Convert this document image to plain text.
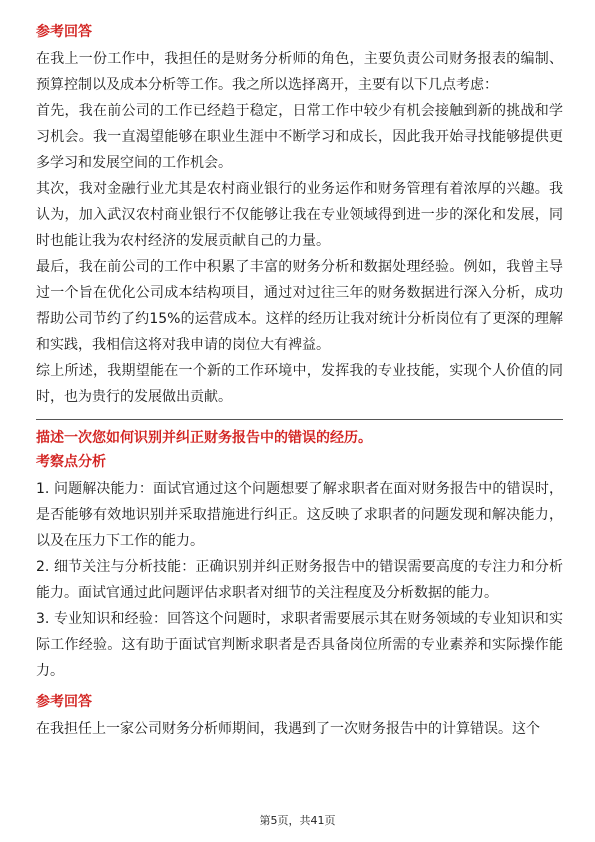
参考回答

在我上一份工作中，我担任的是财务分析师的角色，主要负责公司财务报表的编制、预算控制以及成本分析等工作。我之所以选择离开，主要有以下几点考虑：

首先，我在前公司的工作已经趋于稳定，日常工作中较少有机会接触到新的挑战和学习机会。我一直渴望能够在职业生涯中不断学习和成长，因此我开始寻找能够提供更多学习和发展空间的工作机会。

其次，我对金融行业尤其是农村商业银行的业务运作和财务管理有着浓厚的兴趣。我认为，加入武汉农村商业银行不仅能够让我在专业领域得到进一步的深化和发展，同时也能让我为农村经济的发展贡献自己的力量。

最后，我在前公司的工作中积累了丰富的财务分析和数据处理经验。例如，我曾主导过一个旨在优化公司成本结构项目，通过对过往三年的财务数据进行深入分析，成功帮助公司节约了约15%的运营成本。这样的经历让我对统计分析岗位有了更深的理解和实践，我相信这将对我申请的岗位大有裨益。

综上所述，我期望能在一个新的工作环境中，发挥我的专业技能，实现个人价值的同时，也为贵行的发展做出贡献。

描述一次您如何识别并纠正财务报告中的错误的经历。

考察点分析

1. 问题解决能力：面试官通过这个问题想要了解求职者在面对财务报告中的错误时，是否能够有效地识别并采取措施进行纠正。这反映了求职者的问题发现和解决能力，以及在压力下工作的能力。

2. 细节关注与分析技能：正确识别并纠正财务报告中的错误需要高度的专注力和分析能力。面试官通过此问题评估求职者对细节的关注程度及分析数据的能力。

3. 专业知识和经验：回答这个问题时，求职者需要展示其在财务领域的专业知识和实际工作经验。这有助于面试官判断求职者是否具备岗位所需的专业素养和实际操作能力。

参考回答

在我担任上一家公司财务分析师期间，我遇到了一次财务报告中的计算错误。这个

第5页，共41页
